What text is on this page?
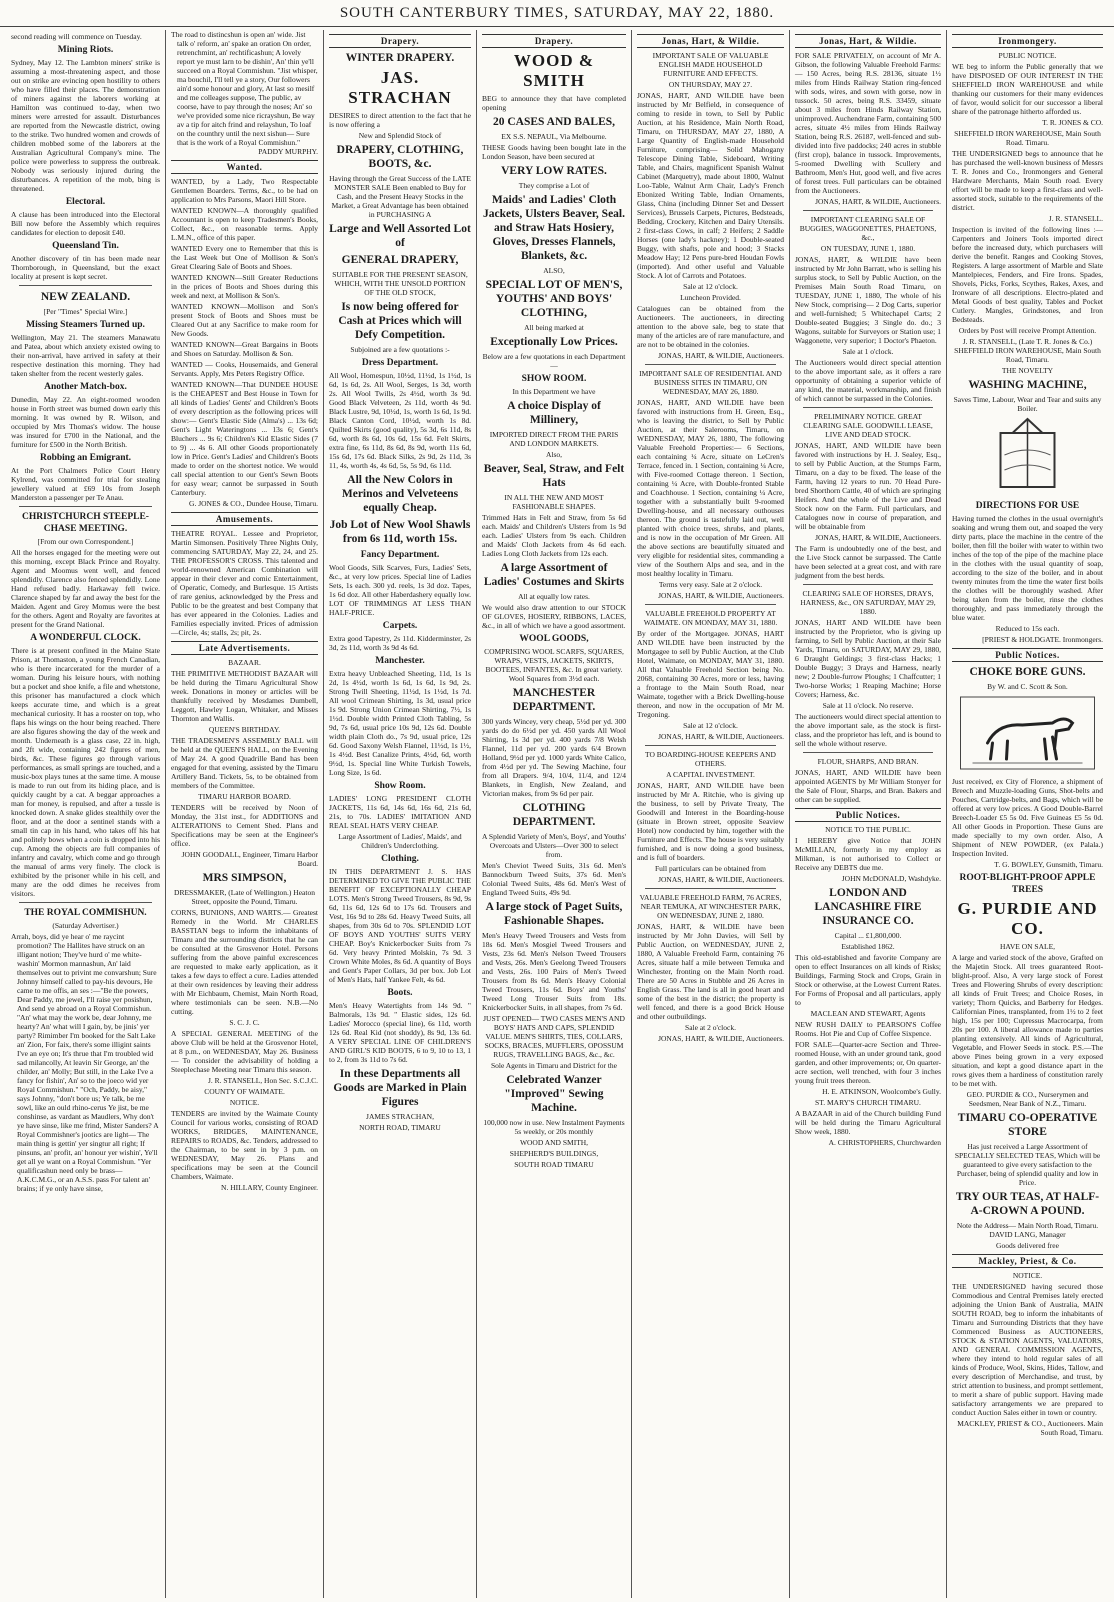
SOUTH CANTERBURY TIMES, SATURDAY, MAY 22, 1880.

second reading will commence on Tuesday.

Mining Riots.

Sydney, May 12. The Lambton miners' strike is assuming a most-threatening aspect, and those out on strike are evincing open hostility to others who have filled their places. The demonstration of miners against the laborers working at Hamilton was continued to-day, when two miners were arrested for assault. Disturbances are reported from the Newcastle district, owing to the strike. Two hundred women and crowds of children mobbed some of the laborers at the Australian Agricultural Company's mine. The police were powerless to suppress the outbreak. Nobody was seriously injured during the disturbances. A repetition of the mob, bing is threatened.

Electoral.

A clause has been introduced into the Electoral Bill now before the Assembly which requires candidates for election to deposit £40.

Queensland Tin.

Another discovery of tin has been made near Thornborough, in Queensland, but the exact locality at present is kept secret.

NEW ZEALAND.
[Per "Times" Special Wire.]
Missing Steamers Turned up.

Wellington, May 21. The steamers Manawatu and Patea, about which anxiety existed owing to their non-arrival, have arrived in safety at their respective destination this morning. They had taken shelter from the recent westerly gales.

Another Match-box.

Dunedin, May 22. An eight-roomed wooden house in Forth street was burned down early this morning. It was owned by R. Wilson, and occupied by Mrs Thomas's widow. The house was insured for £700 in the National, and the furniture for £500 in the North British.

Robbing an Emigrant.

At the Port Chalmers Police Court Henry Kylrend, was committed for trial for stealing jewellery valued at £69 10s from Joseph Manderston a passenger per Te Anau.

CHRISTCHURCH STEEPLE-CHASE MEETING.
[From our own Correspondent.]

All the horses engaged for the meeting were out this morning, except Black Prince and Royalty. Agent and Moomus went well, and fenced splendidly. Clarence also fenced splendidly. Lone Hand refused badly. Harkaway fell twice. Clarence shaped by far and away the best for the Maiden. Agent and Grey Momus were the best for the others. Agent and Royalty are favorites at present for the Grand National.

A WONDERFUL CLOCK.

There is at present confined in the Maine State Prison, at Thomaston, a young French Canadian, who is there incarcerated for the murder of a woman. During his leisure hours, with nothing but a pocket and shoe knife, a file and whetstone, this prisoner has manufactured a clock which keeps accurate time, and which is a great mechanical curiosity. It has a rooster on top, who flaps his wings on the hour being reached. There are also figures showing the day of the week and month. Underneath is a glass case, 22 in. high, and 2ft wide, containing 242 figures of men, birds, &c. These figures go through various performances, as small springs are touched, and a music-box plays tunes at the same time. A mouse is made to run out from its hiding place, and is quickly caught by a cat. A beggar approaches a man for money, is repulsed, and after a tussle is knocked down. A snake glides stealthily over the floor, and at the door a sentinel stands with a small tin cap in his hand, who takes off his hat and politely bows when a coin is dropped into his cup. Among the objects are full companies of infantry and cavalry, which come and go through the manual of arms very finely. The clock is exhibited by the prisoner while in his cell, and many are the odd dimes he receives from visitors.

THE ROYAL COMMISHUN.
(Saturday Advertiser.)

Arrah, boys, did ye hear o' me raycint promotion? The Hallites have struck on an illigant notion; They've hurd o' me white-washin' Mormon mannashun, An' laid themselves out to privint me convarshun; Sure Johnny himself called to pay-his devours, He came to me offis, an ses :—"Be the powers, Dear Paddy, me jewel, I'll raise yer posishun, And send ye abroad on a Royal Commishun. "An' what may the work be, dear Johnny, me hearty? An' what will I gain, by, be jinis' yer party? Rimimber I'm booked for the Salt Lake an' Zion, For faix, there's some illigint saints I've an eye on; It's thrue that I'm troubled wid sad milancolly, At leavin Sir George, an' the childer, an' Molly; But still, in the Lake I've a fancy for fishin', An' so to the joeco wid yer Royal Commishun." "Och, Paddy, be aisy," says Johnny, "don't bore us; Ye talk, be me sowl, like an ould rhino-cerus Ye jist, be me conshinse, as vardant as Maudlers, Why don't ye have sinse, like me frind, Mister Sanders? A Royal Commishner's jootics are light— The main thing is gettin' yer singtur all right; If pinsuns, an' profit, an' honour yer wishin', Ye'll get all ye want on a Royal Commishun. "Yer qualificashun need only be brass— A.K.C.M.G., or an A.S.S. pass For talent an' brains; if ye only have sinse,

The road to distincshun is open an' wide. Jist talk o' reform, an' spake an oration On order, retrenchmint, an' rechtificashun; A lovely report ye must larn to be dishin', An' thin ye'll succeed on a Royal Commishun. "Jist whisper, ma bouchil, I'll tell ye a story, Our followers ain'd some honour and glory, At last so mesilf and me colleages suppose, The public, av coorse, have to pay through the noses; An' so we've provided some nice ricrayshun, Be way av a tip for aitch frind and relayshun, To loaf on the counthry until the next sishun— Sure that is the work of a Royal Commishun."

PADDY MURPHY.
Wanted.

WANTED, by a Lady, Two Respectable Gentlemen Boarders. Terms, &c., to be had on application to Mrs Parsons, Maori Hill Store.

WANTED KNOWN—A thoroughly qualified Accountant is open to keep Tradesmen's Books, Collect, &c., on reasonable terms. Apply L.M.N., office of this paper.

WANTED Every one to Remember that this is the Last Week but One of Mollison & Son's Great Clearing Sale of Boots and Shoes.

WANTED KNOWN—Still Greater Reductions in the prices of Boots and Shoes during this week and next, at Mollison & Son's.

WANTED KNOWN—Mollison and Son's present Stock of Boots and Shoes must be Cleared Out at any Sacrifice to make room for New Goods.

WANTED KNOWN—Great Bargains in Boots and Shoes on Saturday. Mollison & Son.

WANTED — Cooks, Housemaids, and General Servants. Apply, Mrs Peters Registry Office.

WANTED KNOWN—That DUNDEE HOUSE is the CHEAPEST and Best House in Town for all kinds of Ladies' Gents' and Children's Boots of every description as the following prices will show:— Gent's Elastic Side (Alma's) ... 13s 6d; Gent's Light Wateringtons ... 13s 6; Gent's Bluchers ... 9s 6; Children's Kid Elastic Sides (7 to 9) ... 4s 6. All other Goods proportionately low in Price. Gent's Ladies' and Children's Boots made to order on the shortest notice. We would call special attention to our Gent's Sewn Boots for easy wear; cannot be surpassed in South Canterbury.

G. JONES & CO., Dundee House, Timaru.
Amusements.

THEATRE ROYAL. Lessee and Proprietor, Martin Simonsen. Positively Three Nights Only, commencing SATURDAY, May 22, 24, and 25. THE PROFESSOR'S CROSS. This talented and world-renowned American Combination will appear in their clever and comic Entertainment, of Operatic, Comedy, and Burlesque. 15 Artists of rare genius, acknowledged by the Press and Public to be the greatest and best Company that has ever appeared in the Colonies. Ladies and Families especially invited. Prices of admission—Circle, 4s; stalls, 2s; pit, 2s.

Late Advertisements.
BAZAAR.

THE PRIMITIVE METHODIST BAZAAR will be held during the Timaru Agricultural Show week. Donations in money or articles will be thankfully received by Mesdames Dumbell, Leggott, Hawley Logan, Whitaker, and Misses Thornton and Wallis.

QUEEN'S BIRTHDAY.

THE TRADESMEN'S ASSEMBLY BALL will be held at the QUEEN'S HALL, on the Evening of May 24. A good Quadrille Band has been engaged for that evening, assisted by the Timaru Artillery Band. Tickets, 5s, to be obtained from members of the Committee.

TIMARU HARBOR BOARD.

TENDERS will be received by Noon of Monday, the 31st inst., for ADDITIONS and ALTERATIONS to Cement Shed. Plans and Specifications may be seen at the Engineer's office.

JOHN GOODALL, Engineer, Timaru Harbor Board.
MRS SIMPSON,
DRESSMAKER, (Late of Wellington.) Heaton Street, opposite the Pound, Timaru.

CORNS, BUNIONS, AND WARTS.— Greatest Remedy in the World. Mr CHARLES BASSTIAN begs to inform the inhabitants of Timaru and the surrounding districts that he can be consulted at the Grosvenor Hotel. Persons suffering from the above painful excrescences are requested to make early application, as it takes a few days to effect a cure. Ladies attended at their own residences by leaving their address with Mr Eichbaum, Chemist, Main North Road, where testimonials can be seen. N.B.—No cutting.

S. C. J. C.

A SPECIAL GENERAL MEETING of the above Club will be held at the Grosvenor Hotel, at 8 p.m., on WEDNESDAY, May 26. Business— To consider the advisability of holding a Steeplechase Meeting near Timaru this season.

J. R. STANSELL, Hon Sec. S.C.J.C.
COUNTY OF WAIMATE.
NOTICE.

TENDERS are invited by the Waimate County Council for various works, consisting of ROAD WORKS, BRIDGES, MAINTENANCE, REPAIRS to ROADS, &c. Tenders, addressed to the Chairman, to be sent in by 3 p.m. on WEDNESDAY, May 26. Plans and specifications may be seen at the Council Chambers, Waimate.

N. HILLARY, County Engineer.
Drapery.
WINTER DRAPERY.
JAS. STRACHAN

DESIRES to direct attention to the fact that he is now offering a

New and Splendid Stock of
DRAPERY, CLOTHING, BOOTS, &c.
Having through the Great Success of the LATE MONSTER SALE Been enabled to Buy for Cash, and the Present Heavy Stocks in the Market, a Great Advantage has been obtained in PURCHASING A
Large and Well Assorted Lot of
GENERAL DRAPERY,
SUITABLE FOR THE PRESENT SEASON, WHICH, WITH THE UNSOLD PORTION OF THE OLD STOCK,
Is now being offered for Cash at Prices which will Defy Competition.
Subjoined are a few quotations :-
Dress Department.

All Wool, Homespun, 10½d, 11½d, 1s 1½d, 1s 6d, 1s 6d, 2s. All Wool, Serges, 1s 3d, worth 2s. All Wool Twills, 2s 4½d, worth 3s 9d. Good Black Velveteen, 2s 11d, worth 4s 9d. Black Lustre, 9d, 10½d, 1s, worth 1s 6d, 1s 9d. Black Canton Cord, 10½d, worth 1s 8d. Quilted Skirts (good quality), 5s 3d, 6s 11d, 8s 6d, worth 8s 6d, 10s 6d, 15s 6d. Felt Skirts, extra fine, 6s 11d, 8s 6d, 8s 9d, worth 11s 6d, 15s 6d, 17s 6d. Black Silks, 2s 9d, 2s 11d, 3s 11, 4s, worth 4s, 4s 6d, 5s, 5s 9d, 6s 11d.

All the New Colors in Merinos and Velveteens equally Cheap.
Job Lot of New Wool Shawls from 6s 11d, worth 15s.
Fancy Department.

Wool Goods, Silk Scarves, Furs, Ladies' Sets, &c., at very low prices. Special line of Ladies Sets, 1s each. 300 yd. reels, 1s 3d doz. Tapes, 1s 6d doz. All other Haberdashery equally low. LOT OF TRIMMINGS AT LESS THAN HALF-PRICE.

Carpets.

Extra good Tapestry, 2s 11d. Kidderminster, 2s 3d, 2s 11d, worth 3s 9d 4s 6d.

Manchester.

Extra heavy Unbleached Sheeting, 11d, 1s 1s 2d, 1s 4½d, worth 1s 6d, 1s 6d, 1s 9d, 2s. Strong Twill Sheeting, 11½d, 1s 1½d, 1s 7d. All wool Crimean Shirting, 1s 3d, usual price 1s 9d. Strong Union Crimean Shirting, 7½, 1s 1½d. Double width Printed Cloth Tabling, 5s 9d, 7s 6d, usual price 10s 9d, 12s 6d. Double width plain Cloth do., 7s 9d, usual price, 12s 6d. Good Saxony Welsh Flannel, 11½d, 1s 1½, 1s 4½d. Best Canalize Prints, 4½d, 6d, worth 9½d, 1s. Special line White Turkish Towels, Long Size, 1s 6d.

Show Room.

LADIES' LONG PRESIDENT CLOTH JACKETS, 11s 6d, 14s 6d, 16s 6d, 21s 6d, 21s, to 70s. LADIES' IMITATION AND REAL SEAL HATS VERY CHEAP.

Large Assortment of Ladies', Maids', and Children's Underclothing.
Clothing.

IN THIS DEPARTMENT J. S. HAS DETERMINED TO GIVE THE PUBLIC THE BENEFIT OF EXCEPTIONALLY CHEAP LOTS. Men's Strong Tweed Trousers, 8s 9d, 9s 6d, 11s 6d, 12s 6d to 17s 6d. Trousers and Vest, 16s 9d to 28s 6d. Heavy Tweed Suits, all shapes, from 30s 6d to 70s. SPLENDID LOT OF BOYS AND YOUTHS' SUITS VERY CHEAP. Boy's Knickerbocker Suits from 7s 6d. Very heavy Printed Molskin, 7s 9d. 3 Crown White Moles, 8s 6d. A quantity of Boys and Gent's Paper Collars, 3d per box. Job Lot of Men's Hats, half Yankee Felt, 4s 6d.

Boots.

Men's Heavy Watertights from 14s 9d. " Balmorals, 13s 9d. " Elastic sides, 12s 6d. Ladies' Morocco (special line), 6s 11d, worth 12s 6d. Real Kid (not shoddy), 8s 9d, 13s 6d. A VERY SPECIAL LINE OF CHILDREN'S AND GIRL'S KID BOOTS, 6 to 9, 10 to 13, 1 to 2, from 3s 11d to 7s 6d.

In these Departments all Goods are Marked in Plain Figures
JAMES STRACHAN,
NORTH ROAD, TIMARU
Drapery.
WOOD & SMITH

BEG to announce they that have completed opening

20 CASES AND BALES,
EX S.S. NEPAUL, Via Melbourne.

THESE Goods having been bought late in the London Season, have been secured at

VERY LOW RATES.
They comprise a Lot of
Maids' and Ladies' Cloth Jackets, Ulsters Beaver, Seal. and Straw Hats Hosiery, Gloves, Dresses Flannels, Blankets, &c.
ALSO,
SPECIAL LOT OF MEN'S, YOUTHS' AND BOYS' CLOTHING,
All being marked at
Exceptionally Low Prices.
Below are a few quotations in each Department—
SHOW ROOM.
In this Department we have
A choice Display of Millinery,
IMPORTED DIRECT FROM THE PARIS AND LONDON MARKETS.
Also,
Beaver, Seal, Straw, and Felt Hats
IN ALL THE NEW AND MOST FASHIONABLE SHAPES.

Trimmed Hats in Felt and Straw, from 5s 6d each. Maids' and Children's Ulsters from 1s 9d each. Ladies' Ulsters from 9s each. Children and Maids' Cloth Jackets from 4s 6d each. Ladies Long Cloth Jackets from 12s each.

A large Assortment of Ladies' Costumes and Skirts
All at equally low rates.

We would also draw attention to our STOCK OF GLOVES, HOSIERY, RIBBONS, LACES, &c., in all of which we have a good assortment.

WOOL GOODS,
COMPRISING WOOL SCARFS, SQUARES, WRAPS, VESTS, JACKETS, SKIRTS, BOOTEES, INFANTES, &c. In great variety. Wool Squares from 3½d each.
MANCHESTER DEPARTMENT.

300 yards Wincey, very cheap, 5½d per yd. 300 yards do do 6½d per yd. 450 yards All Wool Shirting, 1s 3d per yd. 400 yards 7/8 Welsh Flannel, 11d per yd. 200 yards 6/4 Brown Holland, 9½d per yd. 1000 yards White Calico, from 4½d per yd. The Sewing Machine, four from all Drapers. 9/4, 10/4, 11/4, and 12/4 Blankets, in English, New Zealand, and Victorian makes, from 9s 6d per pair.

CLOTHING DEPARTMENT.
A Splendid Variety of Men's, Boys', and Youths' Overcoats and Ulsters—Over 300 to select from.

Men's Cheviot Tweed Suits, 31s 6d. Men's Bannockburn Tweed Suits, 37s 6d. Men's Colonial Tweed Suits, 48s 6d. Men's West of England Tweed Suits, 49s 9d.

A large stock of Paget Suits, Fashionable Shapes.

Men's Heavy Tweed Trousers and Vests from 18s 6d. Men's Mosgiel Tweed Trousers and Vests, 23s 6d. Men's Nelson Tweed Trousers and Vests, 26s. Men's Geelong Tweed Trousers and Vests, 26s. 100 Pairs of Men's Tweed Trousers from 8s 6d. Men's Heavy Colonial Tweed Trousers, 11s 6d. Boys' and Youths' Tweed Long Trouser Suits from 18s. Knickerbocker Suits, in all shapes, from 7s 6d.

JUST OPENED— TWO CASES MEN'S AND BOYS' HATS AND CAPS, SPLENDID VALUE. MEN'S SHIRTS, TIES, COLLARS, SOCKS, BRACES, MUFFLERS, OPOSSUM RUGS, TRAVELLING BAGS, &c., &c.
Sole Agents in Timaru and District for the
Celebrated Wanzer "Improved" Sewing Machine.
100,000 now in use. New Instalment Payments 5s weekly, or 20s monthly
WOOD AND SMITH,
SHEPHERD'S BUILDINGS,
SOUTH ROAD TIMARU
Jonas, Hart, & Wildie.
IMPORTANT SALE OF VALUABLE ENGLISH MADE HOUSEHOLD FURNITURE AND EFFECTS.
ON THURSDAY, MAY 27.

JONAS, HART, AND WILDIE have been instructed by Mr Belfield, in consequence of coming to reside in town, to Sell by Public Auction, at his Residence, Main North Road, Timaru, on THURSDAY, MAY 27, 1880, A Large Quantity of English-made Household Furniture, comprising— Solid Mahogany Telescope Dining Table, Sideboard, Writing Table, and Chairs, magnificent Spanish Walnut Cabinet (Marquetry), made about 1800, Walnut Loo-Table, Walnut Arm Chair, Lady's French Ebonized Writing Table, Indian Ornaments, Glass, China (including Dinner Set and Dessert Services), Brussels Carpets, Pictures, Bedsteads, Bedding, Crockery, Kitchen and Dairy Utensils. 2 first-class Cows, in calf; 2 Heifers; 2 Saddle Horses (one lady's hackney); 1 Double-seated Buggy, with shafts, pole and hood; 3 Stacks Meadow Hay; 12 Pens pure-bred Houdan Fowls (imported). And other useful and Valuable Stock. A lot of Carrots and Potatoes.

Sale at 12 o'clock.
Luncheon Provided.

Catalogues can be obtained from the Auctioneers. The auctioneers, in directing attention to the above sale, beg to state that many of the articles are of rare manufacture, and are not to be obtained in the colonies.

JONAS, HART, & WILDIE, Auctioneers.
IMPORTANT SALE OF RESIDENTIAL AND BUSINESS SITES IN TIMARU, ON WEDNESDAY, MAY 26, 1880.

JONAS, HART, AND WILDIE have been favored with instructions from H. Green, Esq., who is leaving the district, to Sell by Public Auction, at their Salerooms, Timaru, on WEDNESDAY, MAY 26, 1880, The following Valuable Freehold Properties:— 6 Sections, each containing ¼ Acre, situate on LeCren's Terrace, fenced in. 1 Section, containing ¼ Acre, with Five-roomed Cottage thereon. 1 Section, containing ¼ Acre, with Double-fronted Stable and Coachhouse. 1 Section, containing ¼ Acre, together with a substantially built 9-roomed Dwelling-house, and all necessary outhouses thereon. The ground is tastefully laid out, well planted with choice trees, shrubs, and plants, and is now in the occupation of Mr Green. All the above sections are beautifully situated and very eligible for residential sites, commanding a view of the Southern Alps and sea, and in the most healthy locality in Timaru.

Terms very easy. Sale at 2 o'clock.
JONAS, HART, & WILDIE, Auctioneers.
VALUABLE FREEHOLD PROPERTY AT WAIMATE. ON MONDAY, MAY 31, 1880.

By order of the Mortgagee. JONAS, HART AND WILDIE have been instructed by the Mortgagee to sell by Public Auction, at the Club Hotel, Waimate, on MONDAY, MAY 31, 1880. All that Valuable Freehold Section being No. 2068, containing 30 Acres, more or less, having a frontage to the Main South Road, near Waimate, together with a Brick Dwelling-house thereon, and now in the occupation of Mr M. Tregoning.

Sale at 12 o'clock.
JONAS, HART, & WILDIE, Auctioneers.
TO BOARDING-HOUSE KEEPERS AND OTHERS.
A CAPITAL INVESTMENT.

JONAS, HART, AND WILDIE have been instructed by Mr A. Ritchie, who is giving up the business, to sell by Private Treaty, The Goodwill and Interest in the Boarding-house (situate in Brown street, opposite Seaview Hotel) now conducted by him, together with the Furniture and Effects. The house is very suitably furnished, and is now doing a good business, and is full of boarders.

Full particulars can be obtained from
JONAS, HART, & WILDIE, Auctioneers.
VALUABLE FREEHOLD FARM, 76 ACRES, NEAR TEMUKA, AT WINCHESTER PARK, ON WEDNESDAY, JUNE 2, 1880.

JONAS, HART, & WILDIE have been instructed by Mr John Davies, will Sell by Public Auction, on WEDNESDAY, JUNE 2, 1880, A Valuable Freehold Farm, containing 76 Acres, situate half a mile between Temuka and Winchester, fronting on the Main North road. There are 50 Acres in Stubble and 26 Acres in English Grass. The land is all in good heart and some of the best in the district; the property is well fenced, and there is a good Brick House and other outbuildings.

Sale at 2 o'clock.
JONAS, HART, & WILDIE, Auctioneers.
Jonas, Hart, & Wildie.

FOR SALE PRIVATELY, on account of Mr A. Gibson, the following Valuable Freehold Farms:— 150 Acres, being R.S. 28136, situate 1½ miles from Hinds Railway Station ring-fenced with sods, wires, and sown with gorse, now in tussock. 50 acres, being R.S. 33459, situate about 3 miles from Hinds Railway Station, unimproved. Auchendrane Farm, containing 500 acres, situate 4½ miles from Hinds Railway Station, being R.S. 26187, well-fenced and sub-divided into five paddocks; 240 acres in stubble (first crop), balance in tussock. Improvements, 5-roomed Dwelling with Scullery and Bathroom, Men's Hut, good well, and five acres of forest trees. Full particulars can be obtained from the Auctioneers.

JONAS, HART, & WILDIE, Auctioneers.
IMPORTANT CLEARING SALE OF BUGGIES, WAGGONETTES, PHAETONS, &c.,
ON TUESDAY, JUNE 1, 1880.

JONAS, HART, & WILDIE have been instructed by Mr John Barratt, who is selling his surplus stock, to Sell by Public Auction, on the Premises Main South Road Timaru, on TUESDAY, JUNE 1, 1880, The whole of his New Stock, comprising— 2 Dog Carts, superior and well-furnished; 5 Whitechapel Carts; 2 Double-seated Buggies; 3 Single do. do.; 3 Wagons, suitable for Surveyors or Station use; 1 Waggonette, very superior; 1 Doctor's Phaeton.

Sale at 1 o'clock.

The Auctioneers would direct special attention to the above important sale, as it offers a rare opportunity of obtaining a superior vehicle of any kind, the material, workmanship, and finish of which cannot be surpassed in the Colonies.

PRELIMINARY NOTICE. GREAT CLEARING SALE. GOODWILL LEASE, LIVE AND DEAD STOCK.

JONAS, HART, AND WILDIE have been favored with instructions by H. J. Sealey, Esq., to sell by Public Auction, at the Stumps Farm, Timaru, on a day to be fixed. The lease of the Farm, having 12 years to run. 70 Head Pure-bred Shorthorn Cattle, 40 of which are springing Heifers. And the whole of the Live and Dead Stock now on the Farm. Full particulars, and Catalogues now in course of preparation, and will be obtainable from

JONAS, HART, & WILDIE, Auctioneers.

The Farm is undoubtedly one of the best, and the Live Stock cannot be surpassed. The Cattle have been selected at a great cost, and with rare judgment from the best herds.

CLEARING SALE OF HORSES, DRAYS, HARNESS, &c., ON SATURDAY, MAY 29, 1880.

JONAS, HART AND WILDIE have been instructed by the Proprietor, who is giving up farming, to Sell by Public Auction, at their Sale Yards, Timaru, on SATURDAY, MAY 29, 1880, 6 Draught Geldings; 3 first-class Hacks; 1 Double Buggy; 3 Drays and Harness, nearly new; 2 Double-furrow Ploughs; 1 Chaffcutter; 1 Two-horse Works; 1 Reaping Machine; Horse Covers; Harness, &c.

Sale at 11 o'clock. No reserve.

The auctioneers would direct special attention to the above important sale, as the stock is first-class, and the proprietor has left, and is bound to sell the whole without reserve.

FLOUR, SHARPS, AND BRAN.

JONAS, HART, AND WILDIE have been appointed AGENTS by Mr William Stonyer for the Sale of Flour, Sharps, and Bran. Bakers and other can be supplied.

Public Notices.
NOTICE TO THE PUBLIC.

I HEREBY give Notice that JOHN McMILLAN, formerly in my employ as Milkman, is not authorised to Collect or Receive any DEBTS due me.

JOHN McDONALD, Washdyke.
LONDON AND LANCASHIRE FIRE INSURANCE CO.
Capital ... £1,800,000.
Established 1862.

This old-established and favorite Company are open to effect Insurances on all kinds of Risks; Buildings, Farming Stock and Crops, Grain in Stock or otherwise, at the Lowest Current Rates. For Forms of Proposal and all particulars, apply to

MACLEAN AND STEWART, Agents

NEW RUSH DAILY to PEARSON'S Coffee Rooms. Hot Pie and Cup of Coffee Sixpence.

FOR SALE—Quarter-acre Section and Three-roomed House, with an under ground tank, good garden, and other improvements; or, On quarter-acre section, well trenched, with four 3 inches young fruit trees thereon.

H. E. ATKINSON, Woolcombe's Gully.
ST. MARY'S CHURCH TIMARU.

A BAZAAR in aid of the Church building Fund will be held during the Timaru Agricultural Show week, 1880.

A. CHRISTOPHERS, Churchwarden
Ironmongery.
PUBLIC NOTICE.

WE beg to inform the Public generally that we have DISPOSED OF OUR INTEREST IN THE SHEFFIELD IRON WAREHOUSE and while thanking our customers for their many evidences of favor, would solicit for our successor a liberal share of the patronage hitherto afforded us.

T. R. JONES & CO.
SHEFFIELD IRON WAREHOUSE, Main South Road. Timaru.

THE UNDERSIGNED begs to announce that he has purchased the well-known business of Messrs T. R. Jones and Co., Ironmongers and General Hardware Merchants, Main South road. Every effort will be made to keep a first-class and well-assorted stock, suitable to the requirements of the district.

J. R. STANSELL.

Inspection is invited of the following lines :— Carpenters and Joiners Tools imported direct before the increased duty, which purchasers will derive the benefit. Ranges and Cooking Stoves, Registers. A large assortment of Marble and Slate Mantelpieces, Fenders, and Fire Irons. Spades, Shovels, Picks, Forks, Scythes, Rakes, Axes, and Ironware of all descriptions. Electro-plated and Metal Goods of best quality, Tables and Pocket Cutlery. Mangles, Grindstones, and Iron Bedsteads.

Orders by Post will receive Prompt Attention.
J. R. STANSELL, (Late T. R. Jones & Co.) SHEFFIELD IRON WAREHOUSE, Main South Road, Timaru.
THE NOVELTY
WASHING MACHINE,
Saves Time, Labour, Wear and Tear and suits any Boiler.
DIRECTIONS FOR USE

Having turned the clothes in the usual overnight's soaking and wrung them out, and soaped the very dirty parts, place the machine in the centre of the boiler, then fill the boiler with water to within two inches of the top of the pipe of the machine place in the clothes with the usual quantity of soap, according to the size of the boiler, and in about twenty minutes from the time the water first boils the clothes will be thoroughly washed. After being taken from the boiler, rinse the clothes thoroughly, and pass immediately through the blue water.

Reduced to 15s each.
[PRIEST & HOLDGATE. Ironmongers.
Public Notices.
CHOKE BORE GUNS.
By W. and C. Scott & Son.

Just received, ex City of Florence, a shipment of Breech and Muzzle-loading Guns, Shot-belts and Pouches, Cartridge-belts, and Bags, which will be offered at very low prices. A Good Double-Barrel Breech-Loader £5 5s 0d. Five Guineas £5 5s 0d. All other Goods in Proportion. These Guns are made specially to my own order. Also, A Shipment of NEW POWDER, (ex Palala.) Inspection Invited.

T. G. BOWLEY, Gunsmith, Timaru.
ROOT-BLIGHT-PROOF APPLE TREES
G. PURDIE AND CO.
HAVE ON SALE,

A large and varied stock of the above, Grafted on the Majetin Stock. All trees guaranteed Root-blight-proof. Also, A very large stock of Forest Trees and Flowering Shrubs of every description: all kinds of Fruit Trees; and Choice Roses, in variety; Thorn Quicks, and Barberry for Hedges. Californian Pines, transplanted, from 1½ to 2 feet high, 15s per 100; Cupressus Macrocarpa, from 20s per 100. A liberal allowance made to parties planting extensively. All kinds of Agricultural, Vegetable, and Flower Seeds in stock. P.S.—The above Pines being grown in a very exposed situation, and kept a good distance apart in the rows gives them a hardiness of constitution rarely to be met with.

GEO. PURDIE & CO., Nurserymen and Seedsmen, Near Bank of N.Z., Timaru.
TIMARU CO-OPERATIVE STORE
Has just received a Large Assortment of SPECIALLY SELECTED TEAS, Which will be guaranteed to give every satisfaction to the Purchaser, being of splendid quality and low in Price.
TRY OUR TEAS, AT HALF-A-CROWN A POUND.
Note the Address— Main North Road, Timaru. DAVID LANG, Manager
Goods delivered free
Mackley, Priest, & Co.
NOTICE.

THE UNDERSIGNED having secured those Commodious and Central Premises lately erected adjoining the Union Bank of Australia, MAIN SOUTH ROAD, beg to inform the inhabitants of Timaru and Surrounding Districts that they have Commenced Business as AUCTIONEERS, STOCK & STATION AGENTS, VALUATORS, AND GENERAL COMMISSION AGENTS, where they intend to hold regular sales of all kinds of Produce, Wool, Skins, Hides, Tallow, and every description of Merchandise, and trust, by strict attention to business, and prompt settlement, to merit a share of public support. Having made satisfactory arrangements we are prepared to conduct Auction Sales either in town or country.

MACKLEY, PRIEST & CO., Auctioneers. Main South Road, Timaru.
